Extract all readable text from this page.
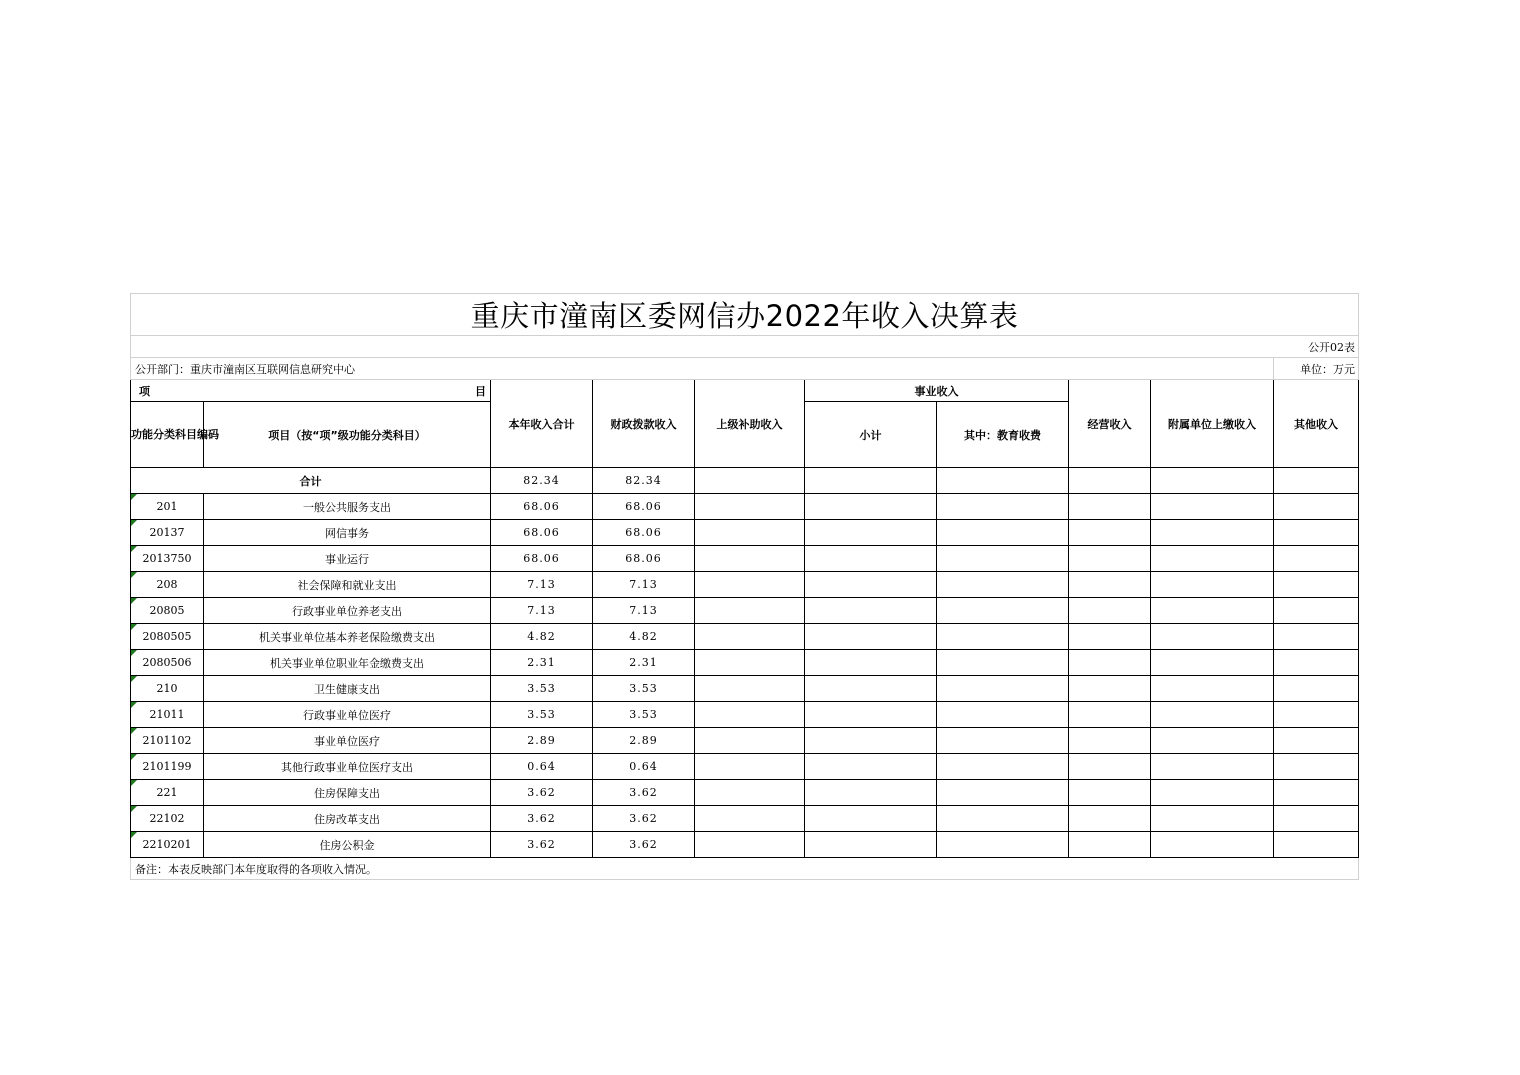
重庆市潼南区委网信办2022年收入决算表									
公开02表									
公开部门：重庆市潼南区互联网信息研究中心									单位：万元

项 目		本年收入合计	财政拨款收入	上级补助收入	事业收入		经营收入	附属单位上缴收入	其他收入
功能分类科目编码	项目（按“项”级功能分类科目）				小计	其中：教育收费			
合计		82.34	82.34						
201	一般公共服务支出	68.06	68.06						
20137	网信事务	68.06	68.06						
2013750	事业运行	68.06	68.06						
208	社会保障和就业支出	7.13	7.13						
20805	行政事业单位养老支出	7.13	7.13						
2080505	机关事业单位基本养老保险缴费支出	4.82	4.82						
2080506	机关事业单位职业年金缴费支出	2.31	2.31						
210	卫生健康支出	3.53	3.53						
21011	行政事业单位医疗	3.53	3.53						
2101102	事业单位医疗	2.89	2.89						
2101199	其他行政事业单位医疗支出	0.64	0.64						
221	住房保障支出	3.62	3.62						
22102	住房改革支出	3.62	3.62						
2210201	住房公积金	3.62	3.62						
备注：本表反映部门本年度取得的各项收入情况。									
